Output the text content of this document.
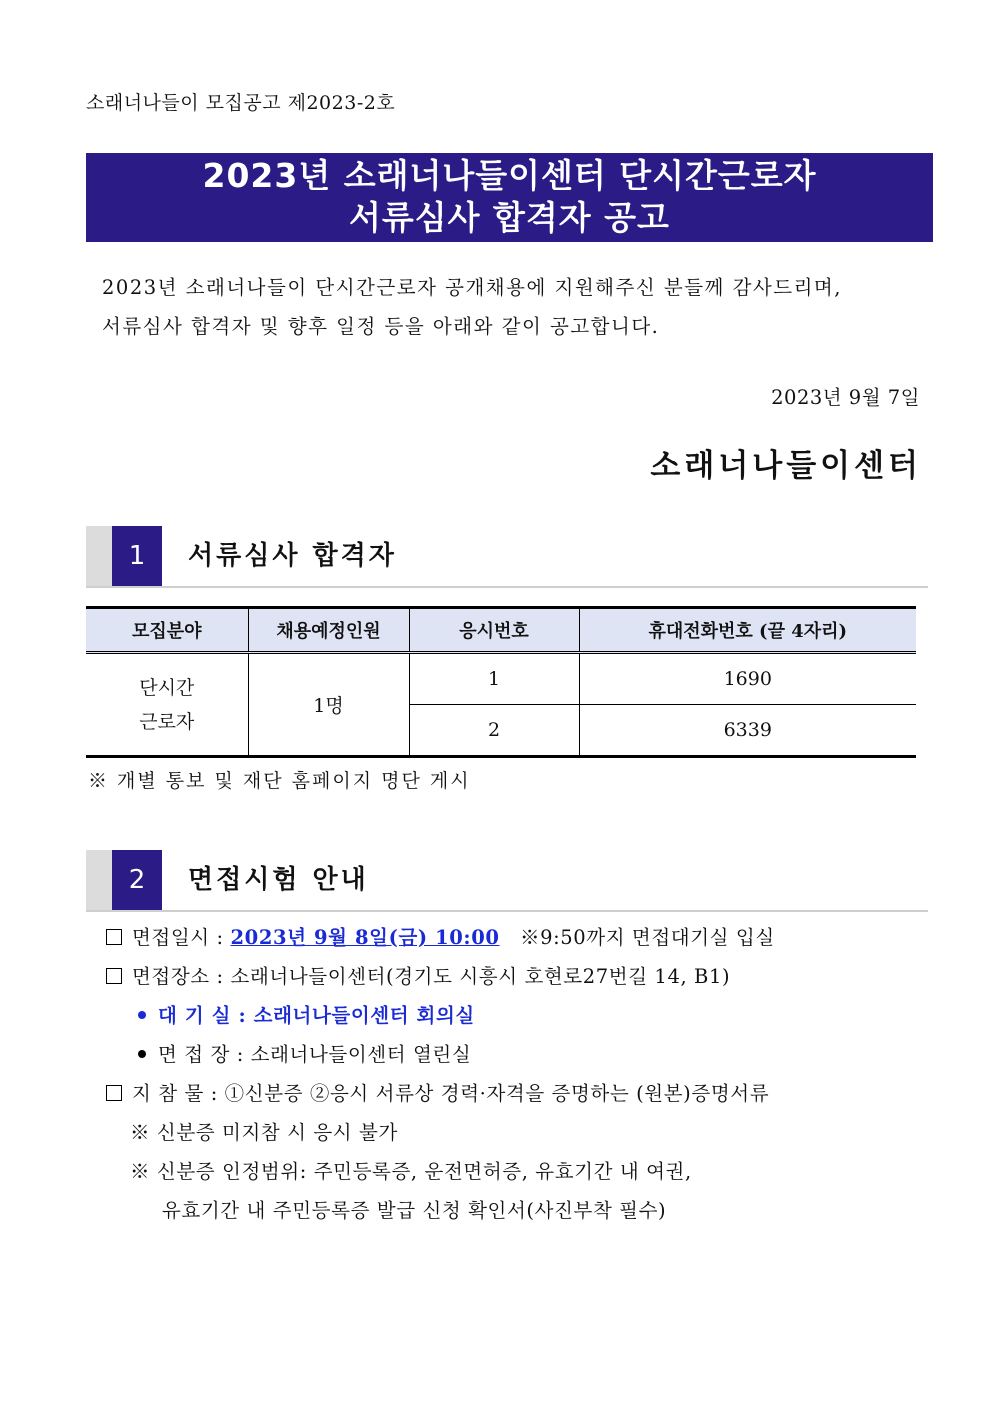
소래너나들이 모집공고 제2023-2호
2023년 소래너나들이센터 단시간근로자
서류심사 합격자 공고
2023년 소래너나들이 단시간근로자 공개채용에 지원해주신 분들께 감사드리며,
서류심사 합격자 및 향후 일정 등을 아래와 같이 공고합니다.
2023년 9월 7일
소래너나들이센터
1	서류심사 합격자
모집분야	채용예정인원	응시번호	휴대전화번호 (끝 4자리)

단시간
근로자	1명	1	1690
		2	6339
※ 개별 통보 및 재단 홈페이지 명단 게시
2	면접시험 안내
면접일시 : 2023년 9월 8일(금) 10:00 ※9:50까지 면접대기실 입실
면접장소 : 소래너나들이센터(경기도 시흥시 호현로27번길 14, B1)
대 기 실 : 소래너나들이센터 회의실
면 접 장 : 소래너나들이센터 열린실
지 참 물 : ①신분증 ②응시 서류상 경력·자격을 증명하는 (원본)증명서류
※ 신분증 미지참 시 응시 불가
※ 신분증 인정범위: 주민등록증, 운전면허증, 유효기간 내 여권,
유효기간 내 주민등록증 발급 신청 확인서(사진부착 필수)
